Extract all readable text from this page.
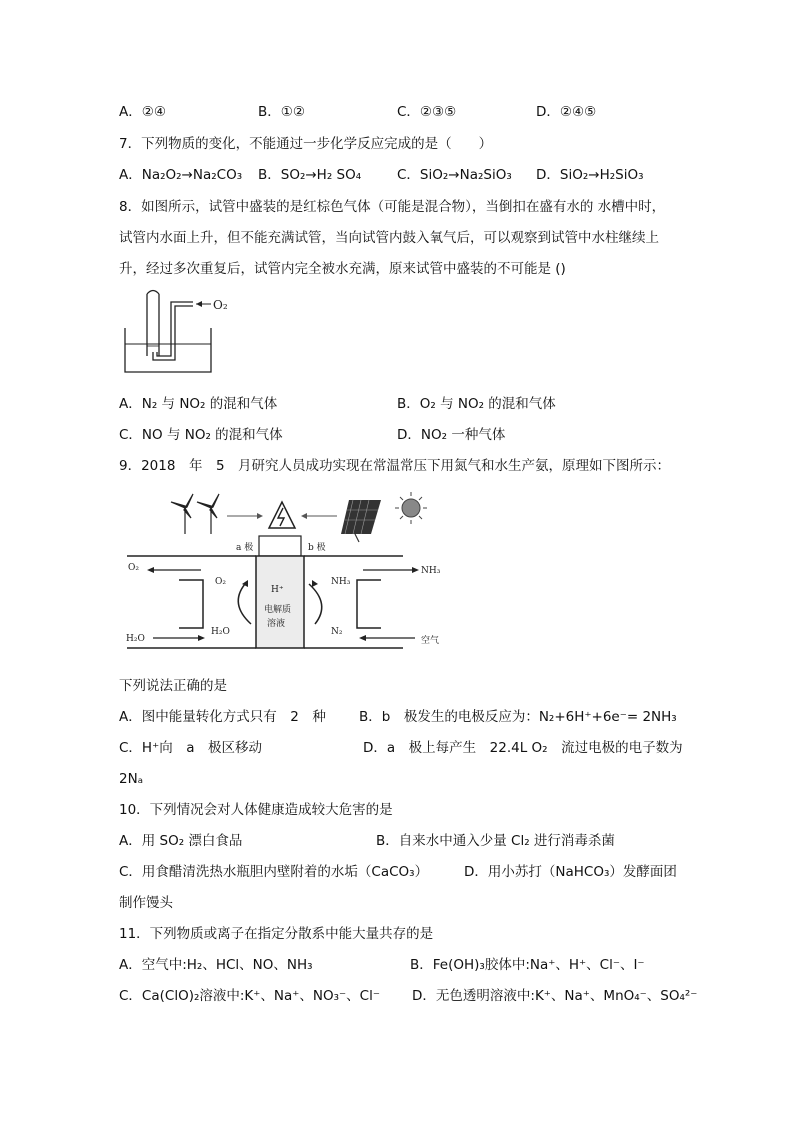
A．②④	B．①②	C．②③⑤	D．②④⑤
7．下列物质的变化，不能通过一步化学反应完成的是（　　）
A．Na₂O₂→Na₂CO₃ B．SO₂→H₂ SO₄	C．SiO₂→Na₂SiO₃ D．SiO₂→H₂SiO₃
8．如图所示，试管中盛装的是红棕色气体（可能是混合物），当倒扣在盛有水的 水槽中时，
试管内水面上升，但不能充满试管，当向试管内鼓入氧气后，可以观察到试管中水柱继续上
升，经过多次重复后，试管内完全被水充满，原来试管中盛装的不可能是 ()
O₂
A．N₂ 与 NO₂ 的混和气体	B．O₂ 与 NO₂ 的混和气体
C．NO 与 NO₂ 的混和气体	D．NO₂ 一种气体
9．2018　年　5　月研究人员成功实现在常温常压下用氮气和水生产氨，原理如下图所示：
a 极	b 极
H⁺
电解质
溶液
O₂
H₂O
O₂
H₂O
NH₃
空气
NH₃
N₂
下列说法正确的是
A．图中能量转化方式只有　2　种 B．b　极发生的电极反应为：N₂+6H⁺+6e⁻= 2NH₃
C．H⁺向　a　极区移动	D．a　极上每产生　22.4L O₂　流过电极的电子数为
2Nₐ
10．下列情况会对人体健康造成较大危害的是
A．用 SO₂ 漂白食品	B．自来水中通入少量 Cl₂ 进行消毒杀菌
C．用食醋清洗热水瓶胆内壁附着的水垢（CaCO₃）	D．用小苏打（NaHCO₃）发酵面团
制作馒头
11．下列物质或离子在指定分散系中能大量共存的是
A．空气中:H₂、HCl、NO、NH₃	B．Fe(OH)₃胶体中:Na⁺、H⁺、Cl⁻、I⁻
C．Ca(ClO)₂溶液中:K⁺、Na⁺、NO₃⁻、Cl⁻ D．无色透明溶液中:K⁺、Na⁺、MnO₄⁻、SO₄²⁻
